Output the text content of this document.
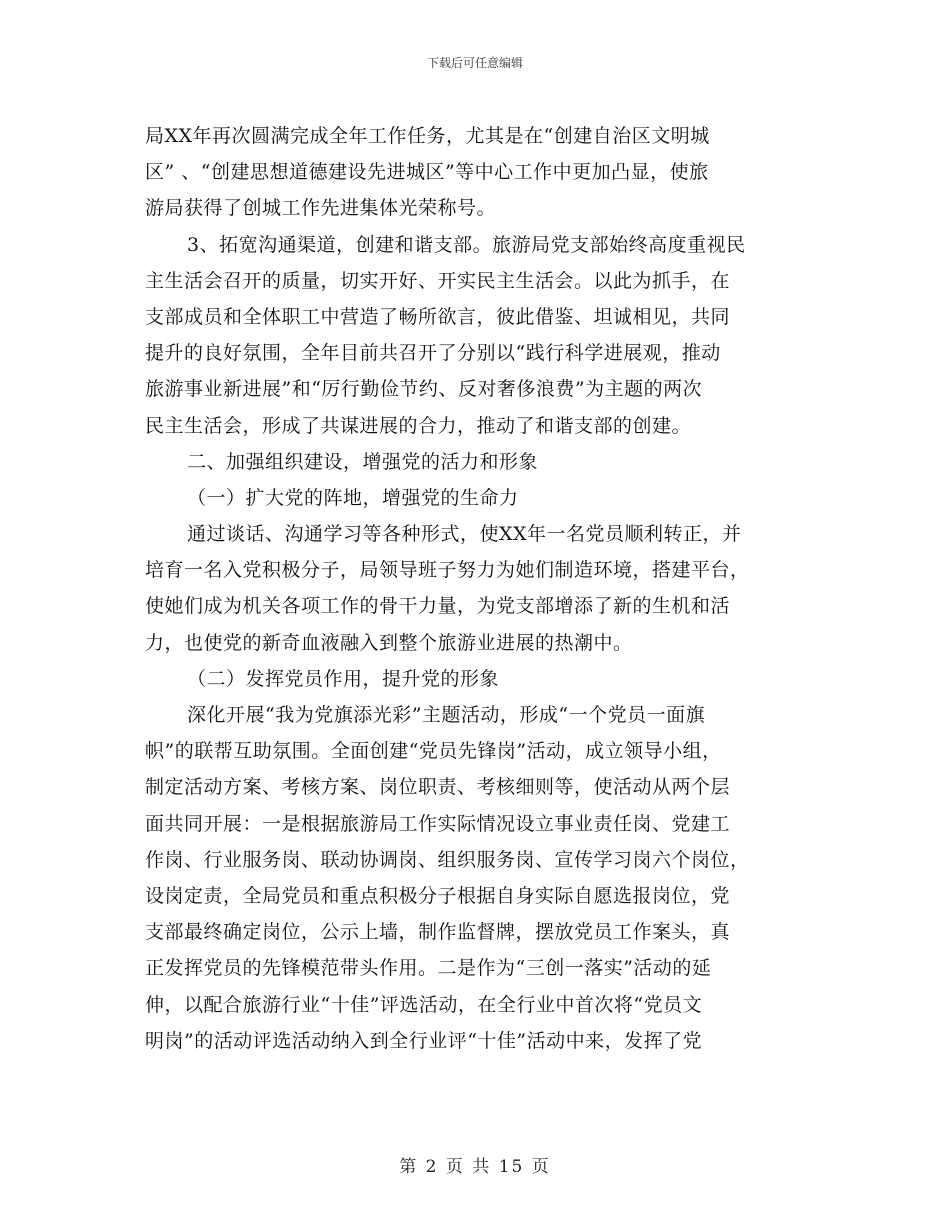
下载后可任意编辑
局XX年再次圆满完成全年工作任务，尤其是在“创建自治区文明城
区” 、“创建思想道德建设先进城区”等中心工作中更加凸显，使旅
游局获得了创城工作先进集体光荣称号。
3、拓宽沟通渠道，创建和谐支部。旅游局党支部始终高度重视民
主生活会召开的质量，切实开好、开实民主生活会。以此为抓手，在
支部成员和全体职工中营造了畅所欲言，彼此借鉴、坦诚相见，共同
提升的良好氛围，全年目前共召开了分别以“践行科学进展观，推动
旅游事业新进展”和“厉行勤俭节约、反对奢侈浪费”为主题的两次
民主生活会，形成了共谋进展的合力，推动了和谐支部的创建。
二、加强组织建设，增强党的活力和形象
（一）扩大党的阵地，增强党的生命力
通过谈话、沟通学习等各种形式，使XX年一名党员顺利转正，并
培育一名入党积极分子，局领导班子努力为她们制造环境，搭建平台，
使她们成为机关各项工作的骨干力量，为党支部增添了新的生机和活
力，也使党的新奇血液融入到整个旅游业进展的热潮中。
（二）发挥党员作用，提升党的形象
深化开展“我为党旗添光彩”主题活动，形成“一个党员一面旗
帜”的联帮互助氛围。全面创建“党员先锋岗”活动，成立领导小组，
制定活动方案、考核方案、岗位职责、考核细则等，使活动从两个层
面共同开展：一是根据旅游局工作实际情况设立事业责任岗、党建工
作岗、行业服务岗、联动协调岗、组织服务岗、宣传学习岗六个岗位，
设岗定责，全局党员和重点积极分子根据自身实际自愿选报岗位，党
支部最终确定岗位，公示上墙，制作监督牌，摆放党员工作案头，真
正发挥党员的先锋模范带头作用。二是作为“三创一落实”活动的延
伸，以配合旅游行业“十佳”评选活动，在全行业中首次将“党员文
明岗”的活动评选活动纳入到全行业评“十佳”活动中来，发挥了党
第 2 页 共 15 页
